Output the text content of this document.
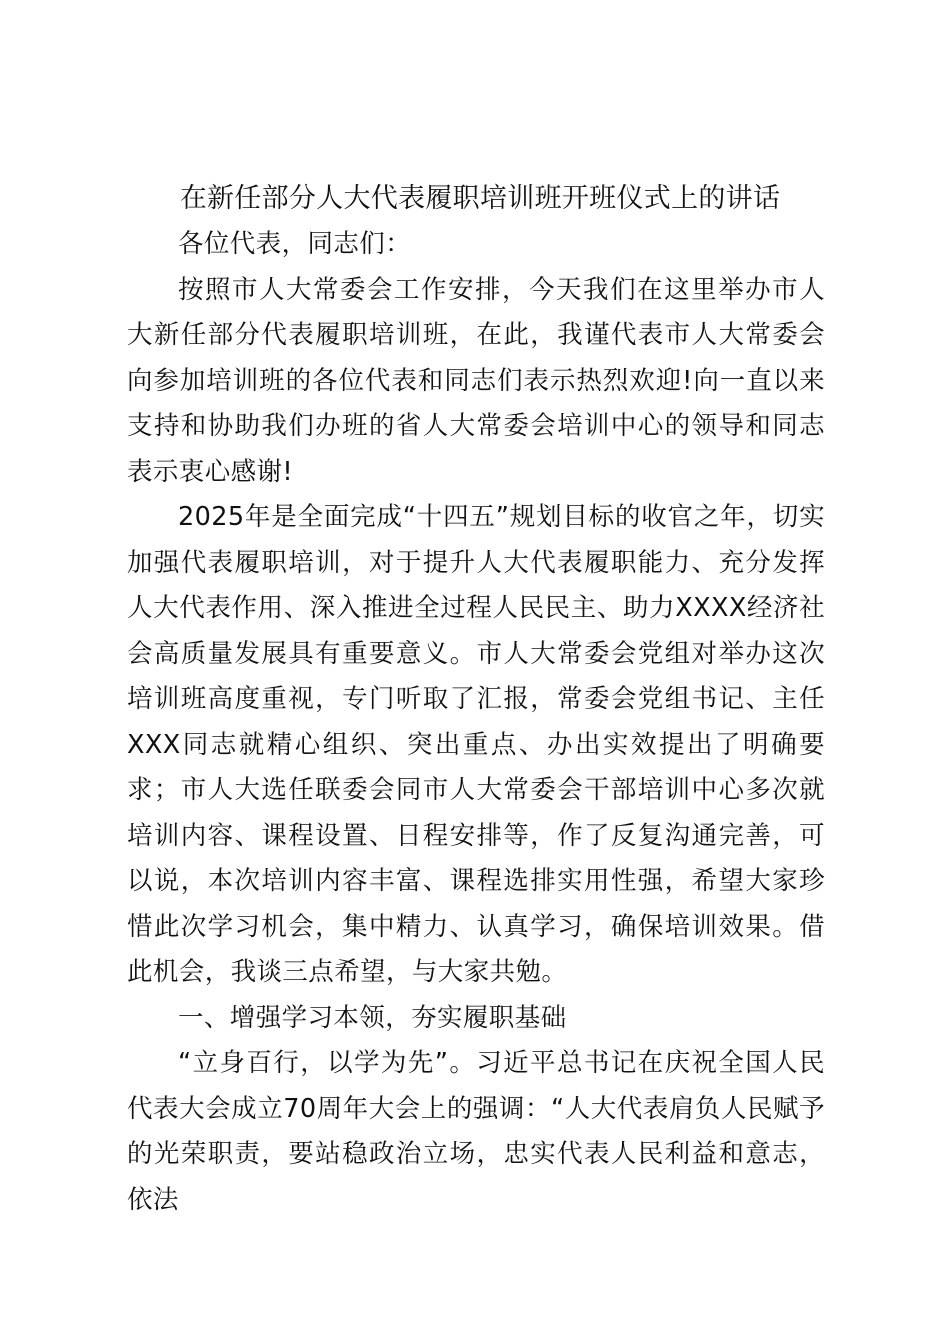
在新任部分人大代表履职培训班开班仪式上的讲话

各位代表，同志们：

按照市人大常委会工作安排，今天我们在这里举办市人大新任部分代表履职培训班，在此，我谨代表市人大常委会向参加培训班的各位代表和同志们表示热烈欢迎!向一直以来支持和协助我们办班的省人大常委会培训中心的领导和同志表示衷心感谢!

2025年是全面完成“十四五”规划目标的收官之年，切实加强代表履职培训，对于提升人大代表履职能力、充分发挥人大代表作用、深入推进全过程人民民主、助力XXXX经济社会高质量发展具有重要意义。市人大常委会党组对举办这次培训班高度重视，专门听取了汇报，常委会党组书记、主任XXX同志就精心组织、突出重点、办出实效提出了明确要求；市人大选任联委会同市人大常委会干部培训中心多次就培训内容、课程设置、日程安排等，作了反复沟通完善，可以说，本次培训内容丰富、课程选排实用性强，希望大家珍惜此次学习机会，集中精力、认真学习，确保培训效果。借此机会，我谈三点希望，与大家共勉。

一、增强学习本领，夯实履职基础

“立身百行，以学为先”。习近平总书记在庆祝全国人民代表大会成立70周年大会上的强调：“人大代表肩负人民赋予的光荣职责，要站稳政治立场，忠实代表人民利益和意志，依法
